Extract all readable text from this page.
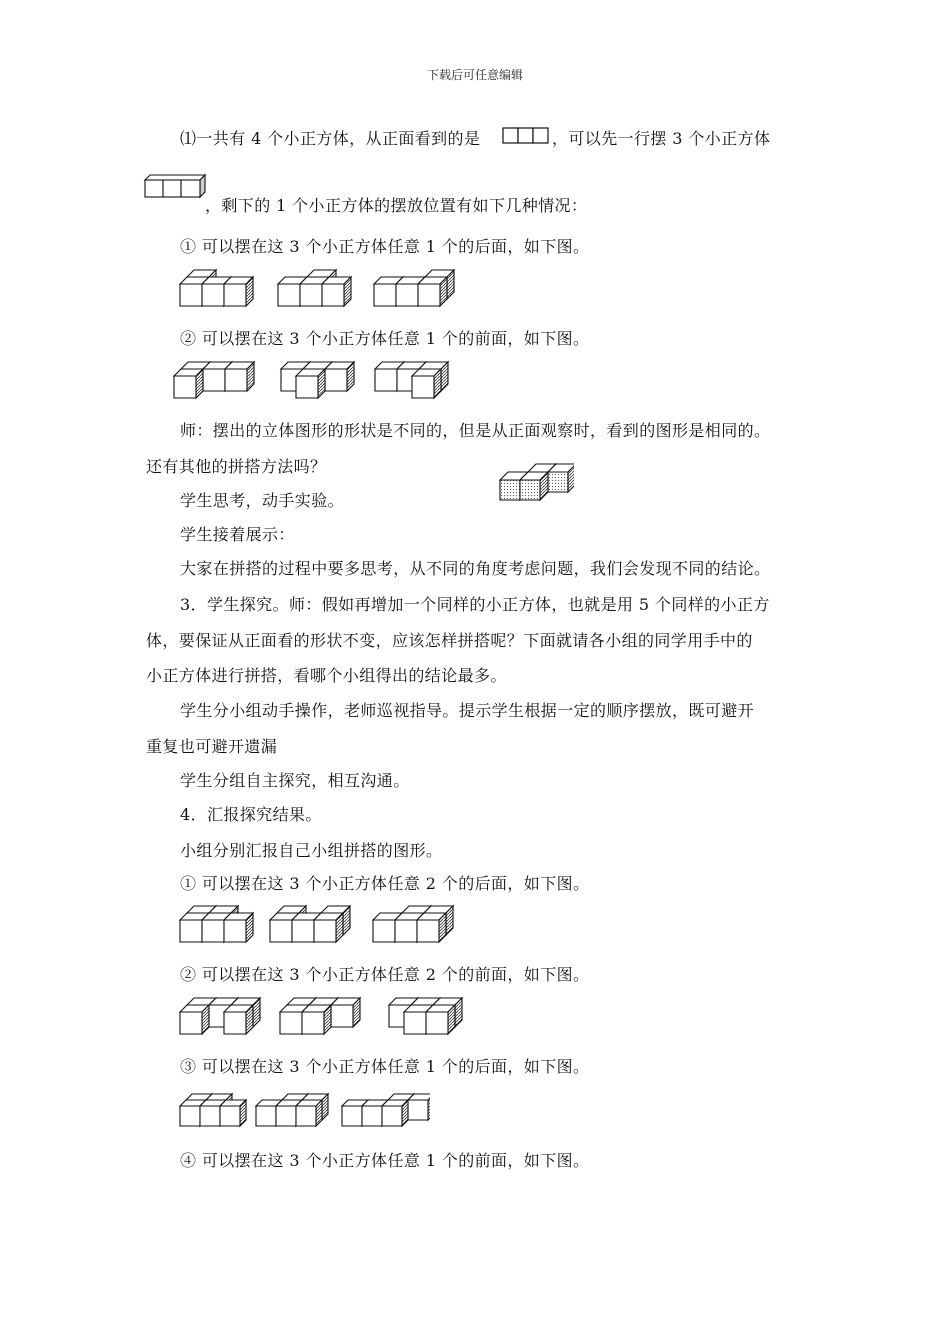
下载后可任意编辑
⑴一共有 4 个小正方体，从正面看到的是	，可以先一行摆 3 个小正方体
，剩下的 1 个小正方体的摆放位置有如下几种情况：
① 可以摆在这 3 个小正方体任意 1 个的后面，如下图。
② 可以摆在这 3 个小正方体任意 1 个的前面，如下图。
师：摆出的立体图形的形状是不同的，但是从正面观察时，看到的图形是相同的。
还有其他的拼搭方法吗？
学生思考，动手实验。
学生接着展示：
大家在拼搭的过程中要多思考，从不同的角度考虑问题，我们会发现不同的结论。
3．学生探究。师：假如再增加一个同样的小正方体，也就是用 5 个同样的小正方
体，要保证从正面看的形状不变，应该怎样拼搭呢？下面就请各小组的同学用手中的
小正方体进行拼搭，看哪个小组得出的结论最多。
学生分小组动手操作，老师巡视指导。提示学生根据一定的顺序摆放，既可避开
重复也可避开遗漏
学生分组自主探究，相互沟通。
4．汇报探究结果。
小组分别汇报自己小组拼搭的图形。
① 可以摆在这 3 个小正方体任意 2 个的后面，如下图。
② 可以摆在这 3 个小正方体任意 2 个的前面，如下图。
③ 可以摆在这 3 个小正方体任意 1 个的后面，如下图。
④ 可以摆在这 3 个小正方体任意 1 个的前面，如下图。
